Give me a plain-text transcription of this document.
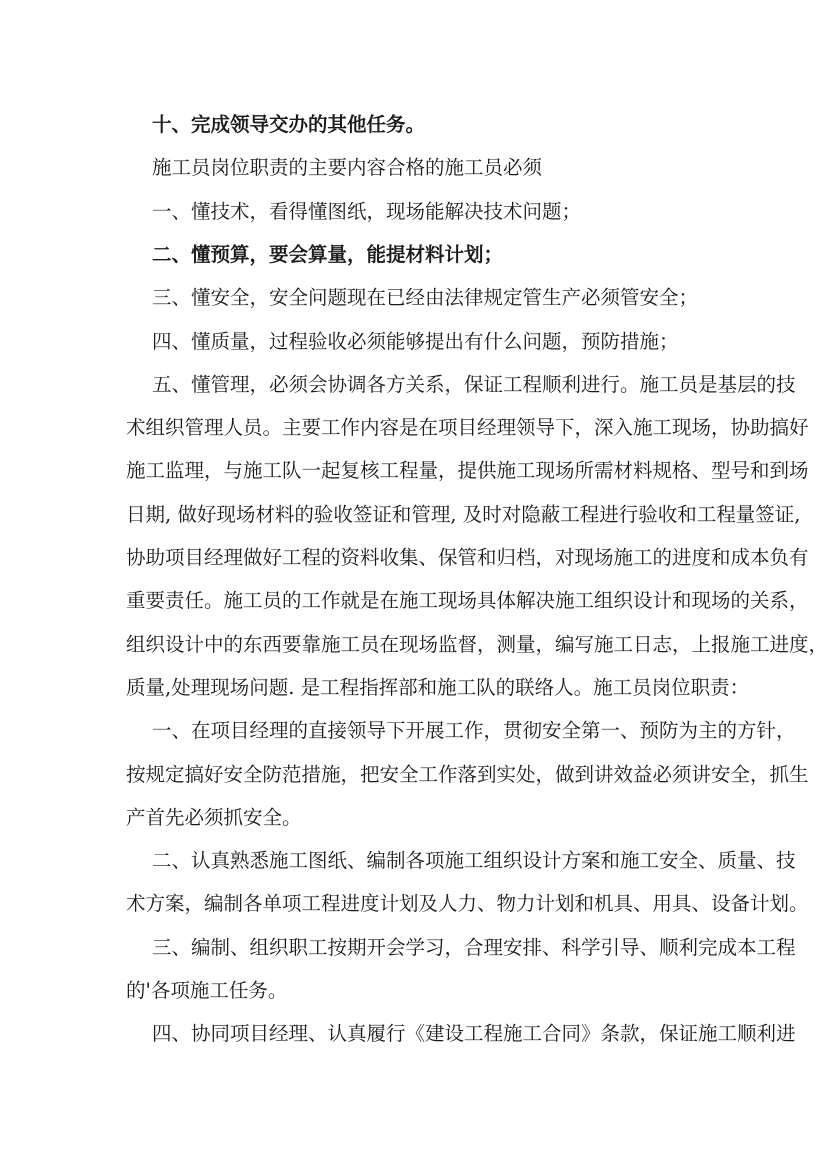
十、完成领导交办的其他任务。
施工员岗位职责的主要内容合格的施工员必须
一、懂技术，看得懂图纸，现场能解决技术问题；
二、懂预算，要会算量，能提材料计划；
三、懂安全，安全问题现在已经由法律规定管生产必须管安全；
四、懂质量，过程验收必须能够提出有什么问题，预防措施；
五、懂管理，必须会协调各方关系，保证工程顺利进行。施工员是基层的技
术组织管理人员。主要工作内容是在项目经理领导下，深入施工现场，协助搞好
施工监理，与施工队一起复核工程量，提供施工现场所需材料规格、型号和到场
日期, 做好现场材料的验收签证和管理, 及时对隐蔽工程进行验收和工程量签证,
协助项目经理做好工程的资料收集、保管和归档，对现场施工的进度和成本负有
重要责任。施工员的工作就是在施工现场具体解决施工组织设计和现场的关系，
组织设计中的东西要靠施工员在现场监督，测量，编写施工日志，上报施工进度，
质量,处理现场问题. 是工程指挥部和施工队的联络人。施工员岗位职责：
一、在项目经理的直接领导下开展工作，贯彻安全第一、预防为主的方针，
按规定搞好安全防范措施，把安全工作落到实处，做到讲效益必须讲安全，抓生
产首先必须抓安全。
二、认真熟悉施工图纸、编制各项施工组织设计方案和施工安全、质量、技
术方案，编制各单项工程进度计划及人力、物力计划和机具、用具、设备计划。
三、编制、组织职工按期开会学习，合理安排、科学引导、顺利完成本工程
的'各项施工任务。
四、协同项目经理、认真履行《建设工程施工合同》条款，保证施工顺利进
